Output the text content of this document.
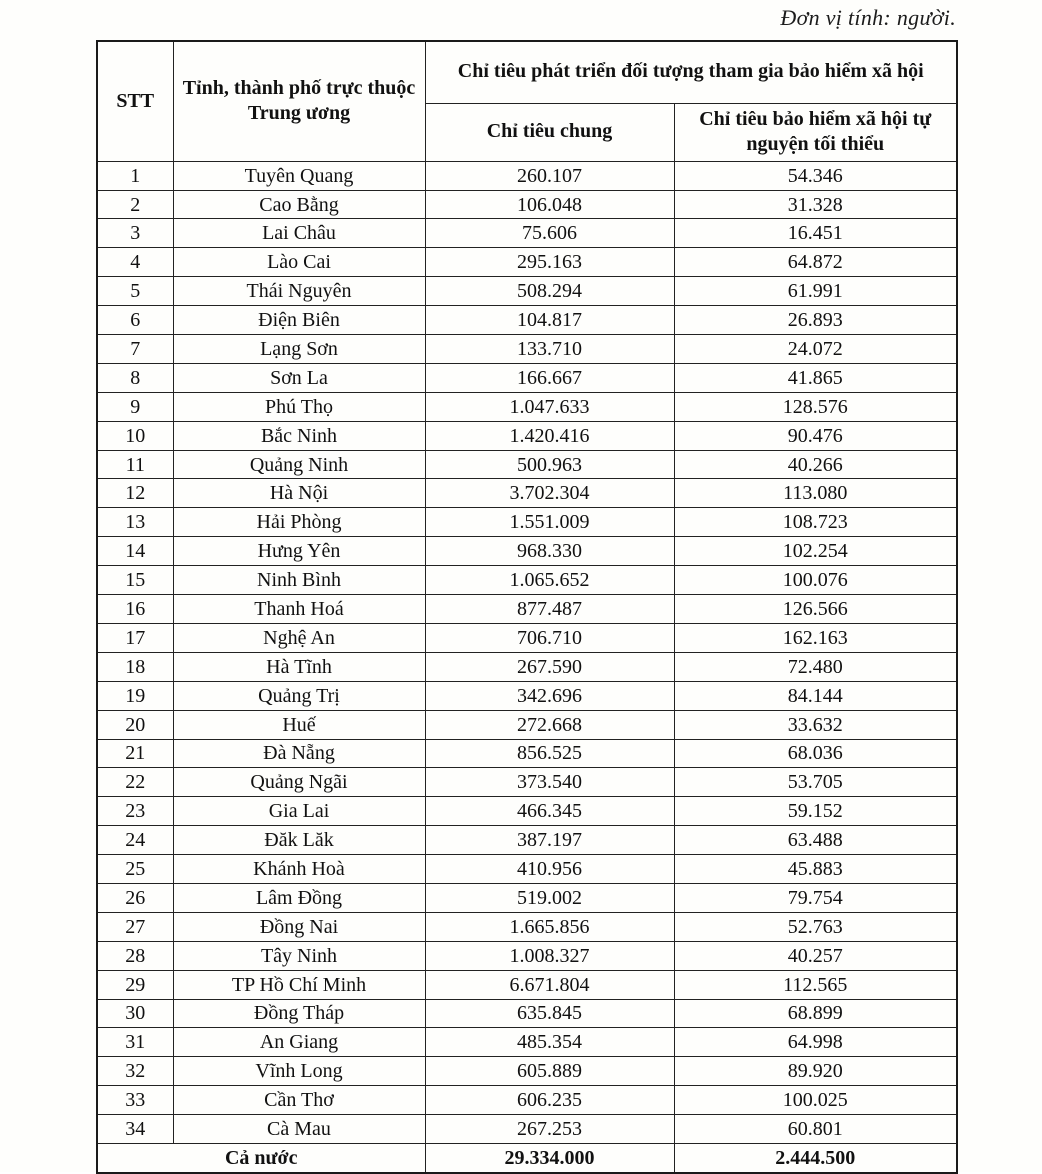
Đơn vị tính: người.
STT	Tỉnh, thành phố trực thuộc Trung ương	Chỉ tiêu phát triển đối tượng tham gia bảo hiểm xã hội	
		Chỉ tiêu chung	Chỉ tiêu bảo hiểm xã hội tự nguyện tối thiểu
1	Tuyên Quang	260.107	54.346
2	Cao Bằng	106.048	31.328
3	Lai Châu	75.606	16.451
4	Lào Cai	295.163	64.872
5	Thái Nguyên	508.294	61.991
6	Điện Biên	104.817	26.893
7	Lạng Sơn	133.710	24.072
8	Sơn La	166.667	41.865
9	Phú Thọ	1.047.633	128.576
10	Bắc Ninh	1.420.416	90.476
11	Quảng Ninh	500.963	40.266
12	Hà Nội	3.702.304	113.080
13	Hải Phòng	1.551.009	108.723
14	Hưng Yên	968.330	102.254
15	Ninh Bình	1.065.652	100.076
16	Thanh Hoá	877.487	126.566
17	Nghệ An	706.710	162.163
18	Hà Tĩnh	267.590	72.480
19	Quảng Trị	342.696	84.144
20	Huế	272.668	33.632
21	Đà Nẵng	856.525	68.036
22	Quảng Ngãi	373.540	53.705
23	Gia Lai	466.345	59.152
24	Đăk Lăk	387.197	63.488
25	Khánh Hoà	410.956	45.883
26	Lâm Đồng	519.002	79.754
27	Đồng Nai	1.665.856	52.763
28	Tây Ninh	1.008.327	40.257
29	TP Hồ Chí Minh	6.671.804	112.565
30	Đồng Tháp	635.845	68.899
31	An Giang	485.354	64.998
32	Vĩnh Long	605.889	89.920
33	Cần Thơ	606.235	100.025
34	Cà Mau	267.253	60.801
Cả nước		29.334.000	2.444.500
